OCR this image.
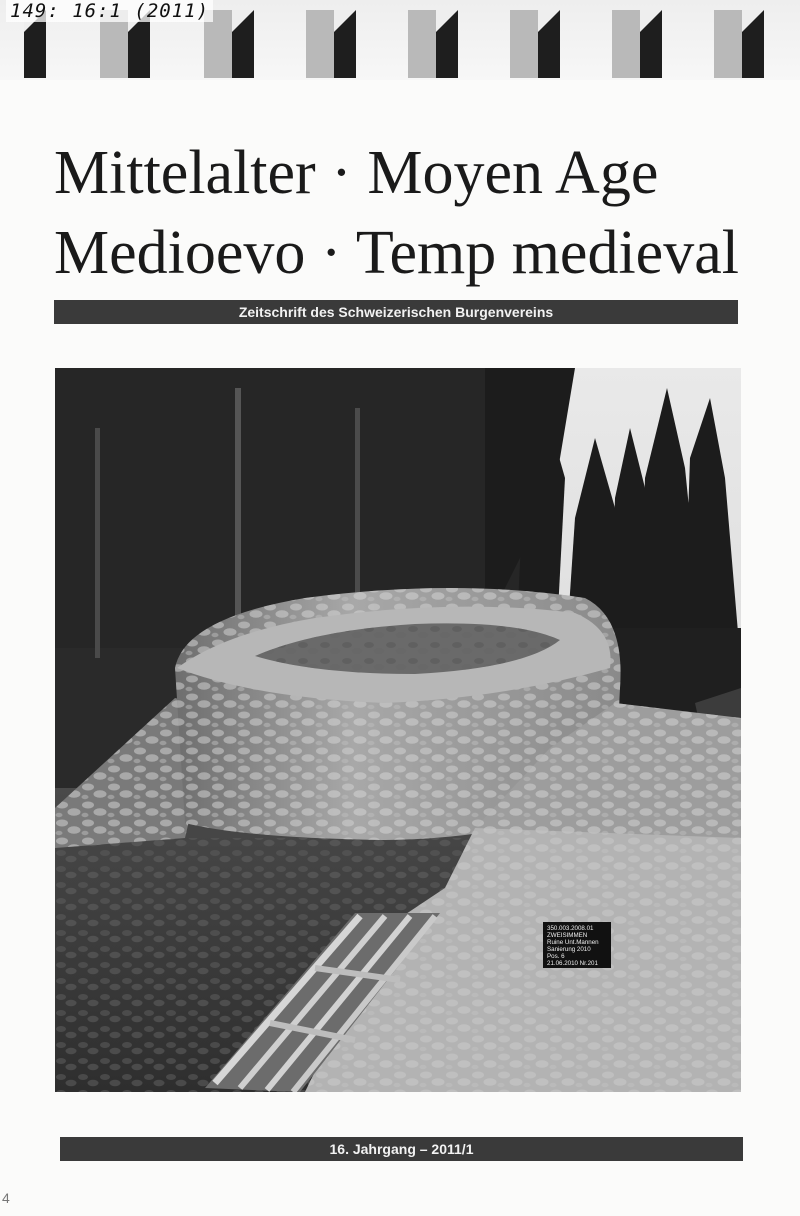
149: 16:1 (2011)
Mittelalter · Moyen Age
Medioevo · Temp medieval
Zeitschrift des Schweizerischen Burgenvereins
350.003.2008.01
ZWEISIMMEN
Ruine Unt.Mannen
Sanierung 2010
Pos. 6
21.06.2010 Nr.201
16. Jahrgang – 2011/1
4
